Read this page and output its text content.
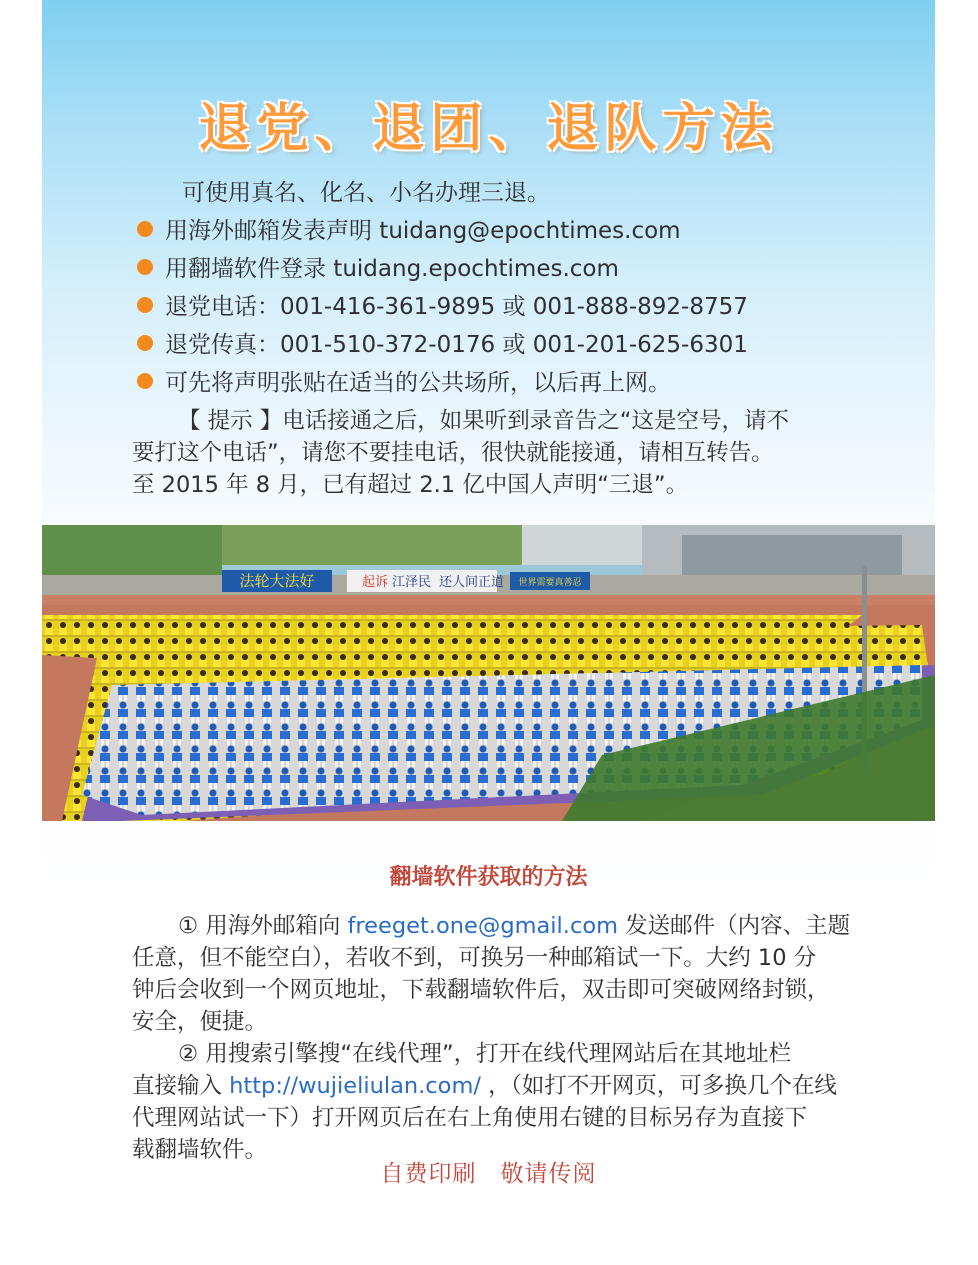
退党、退团、退队方法
可使用真名、化名、小名办理三退。
用海外邮箱发表声明 tuidang@epochtimes.com
用翻墙软件登录 tuidang.epochtimes.com
退党电话：001-416-361-9895 或 001-888-892-8757
退党传真：001-510-372-0176 或 001-201-625-6301
可先将声明张贴在适当的公共场所，以后再上网。
【 提示 】电话接通之后，如果听到录音告之“这是空号，请不
要打这个电话”，请您不要挂电话，很快就能接通，请相互转告。
至 2015 年 8 月，已有超过 2.1 亿中国人声明“三退”。
法轮大法好	起诉 江泽民 还人间正道 世界需要真善忍
翻墙软件获取的方法
① 用海外邮箱向 freeget.one@gmail.com 发送邮件（内容、主题
任意，但不能空白），若收不到，可换另一种邮箱试一下。大约 10 分
钟后会收到一个网页地址，下载翻墙软件后，双击即可突破网络封锁，
安全，便捷。
② 用搜索引擎搜“在线代理”，打开在线代理网站后在其地址栏
直接输入 http://wujieliulan.com/ ，（如打不开网页，可多换几个在线
代理网站试一下）打开网页后在右上角使用右键的目标另存为直接下
载翻墙软件。
自费印刷　敬请传阅
